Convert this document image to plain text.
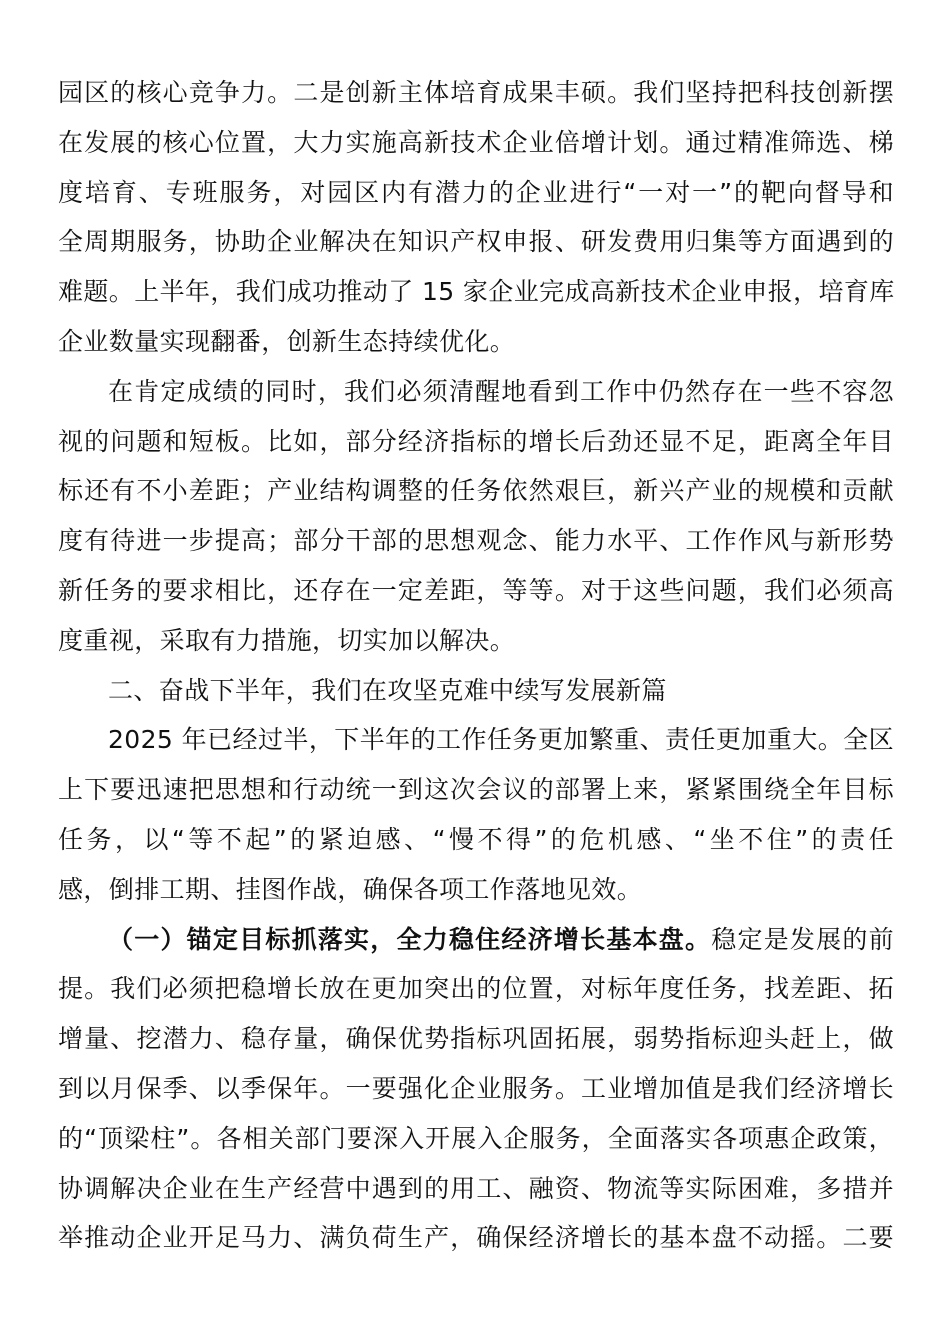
园区的核心竞争力。二是创新主体培育成果丰硕。我们坚持把科技创新摆
在发展的核心位置，大力实施高新技术企业倍增计划。通过精准筛选、梯
度培育、专班服务，对园区内有潜力的企业进行“一对一”的靶向督导和
全周期服务，协助企业解决在知识产权申报、研发费用归集等方面遇到的
难题。上半年，我们成功推动了 15 家企业完成高新技术企业申报，培育库
企业数量实现翻番，创新生态持续优化。
在肯定成绩的同时，我们必须清醒地看到工作中仍然存在一些不容忽
视的问题和短板。比如，部分经济指标的增长后劲还显不足，距离全年目
标还有不小差距；产业结构调整的任务依然艰巨，新兴产业的规模和贡献
度有待进一步提高；部分干部的思想观念、能力水平、工作作风与新形势
新任务的要求相比，还存在一定差距，等等。对于这些问题，我们必须高
度重视，采取有力措施，切实加以解决。
二、奋战下半年，我们在攻坚克难中续写发展新篇
2025 年已经过半，下半年的工作任务更加繁重、责任更加重大。全区
上下要迅速把思想和行动统一到这次会议的部署上来，紧紧围绕全年目标
任务，以“等不起”的紧迫感、“慢不得”的危机感、“坐不住”的责任
感，倒排工期、挂图作战，确保各项工作落地见效。
（一）锚定目标抓落实，全力稳住经济增长基本盘。稳定是发展的前
提。我们必须把稳增长放在更加突出的位置，对标年度任务，找差距、拓
增量、挖潜力、稳存量，确保优势指标巩固拓展，弱势指标迎头赶上，做
到以月保季、以季保年。一要强化企业服务。工业增加值是我们经济增长
的“顶梁柱”。各相关部门要深入开展入企服务，全面落实各项惠企政策，
协调解决企业在生产经营中遇到的用工、融资、物流等实际困难，多措并
举推动企业开足马力、满负荷生产，确保经济增长的基本盘不动摇。二要
